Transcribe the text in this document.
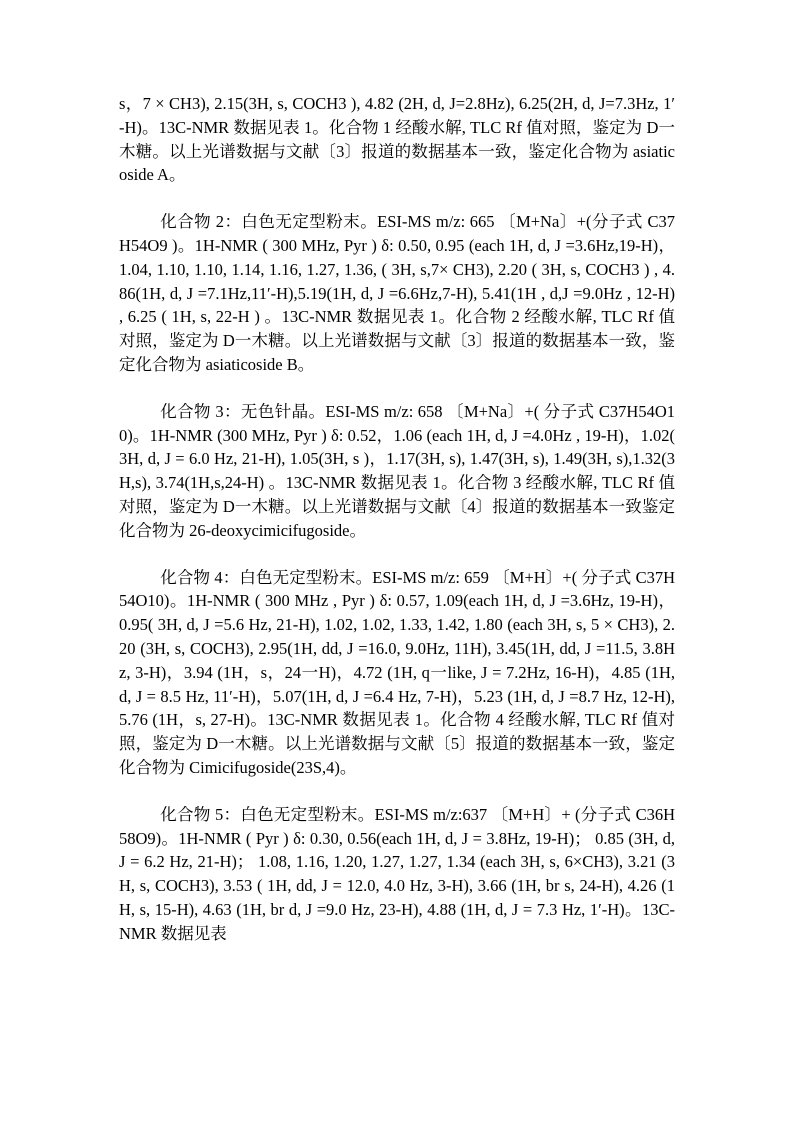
s，7 × CH3), 2.15(3H, s, COCH3 ), 4.82 (2H, d, J=2.8Hz), 6.25(2H, d, J=7.3Hz, 1′-H)。13C-NMR 数据见表 1。化合物 1 经酸水解, TLC Rf 值对照，鉴定为 D一木糖。以上光谱数据与文献〔3〕报道的数据基本一致，鉴定化合物为 asiaticoside A。

化合物 2：白色无定型粉末。ESI-MS m/z: 665 〔M+Na〕+(分子式 C37H54O9 )。1H-NMR ( 300 MHz, Pyr ) δ: 0.50, 0.95 (each 1H, d, J =3.6Hz,19-H)， 1.04, 1.10, 1.10, 1.14, 1.16, 1.27, 1.36, ( 3H, s,7× CH3), 2.20 ( 3H, s, COCH3 ) , 4.86(1H, d, J =7.1Hz,11′-H),5.19(1H, d, J =6.6Hz,7-H), 5.41(1H , d,J =9.0Hz , 12-H) , 6.25 ( 1H, s, 22-H ) 。13C-NMR 数据见表 1。化合物 2 经酸水解, TLC Rf 值对照，鉴定为 D一木糖。以上光谱数据与文献〔3〕报道的数据基本一致，鉴定化合物为 asiaticoside B。

化合物 3：无色针晶。ESI-MS m/z: 658 〔M+Na〕+( 分子式 C37H54O10)。1H-NMR (300 MHz, Pyr ) δ: 0.52，1.06 (each 1H, d, J =4.0Hz , 19-H)，1.02( 3H, d, J = 6.0 Hz, 21-H), 1.05(3H, s )，1.17(3H, s), 1.47(3H, s), 1.49(3H, s),1.32(3H,s), 3.74(1H,s,24-H) 。13C-NMR 数据见表 1。化合物 3 经酸水解, TLC Rf 值对照，鉴定为 D一木糖。以上光谱数据与文献〔4〕报道的数据基本一致鉴定化合物为 26-deoxycimicifugoside。

化合物 4：白色无定型粉末。ESI-MS m/z: 659 〔M+H〕+( 分子式 C37H54O10)。1H-NMR ( 300 MHz , Pyr ) δ: 0.57, 1.09(each 1H, d, J =3.6Hz, 19-H)，0.95( 3H, d, J =5.6 Hz, 21-H), 1.02, 1.02, 1.33, 1.42, 1.80 (each 3H, s, 5 × CH3), 2.20 (3H, s, COCH3), 2.95(1H, dd, J =16.0, 9.0Hz, 11H), 3.45(1H, dd, J =11.5, 3.8Hz, 3-H)，3.94 (1H，s，24一H)，4.72 (1H, q一like, J = 7.2Hz, 16-H)，4.85 (1H, d, J = 8.5 Hz, 11′-H)，5.07(1H, d, J =6.4 Hz, 7-H)，5.23 (1H, d, J =8.7 Hz, 12-H), 5.76 (1H，s, 27-H)。13C-NMR 数据见表 1。化合物 4 经酸水解, TLC Rf 值对照，鉴定为 D一木糖。以上光谱数据与文献〔5〕报道的数据基本一致，鉴定化合物为 Cimicifugoside(23S,4)。

化合物 5：白色无定型粉末。ESI-MS m/z:637 〔M+H〕+ (分子式 C36H58O9)。1H-NMR ( Pyr ) δ: 0.30, 0.56(each 1H, d, J = 3.8Hz, 19-H)； 0.85 (3H, d, J = 6.2 Hz, 21-H)； 1.08, 1.16, 1.20, 1.27, 1.27, 1.34 (each 3H, s, 6×CH3), 3.21 (3H, s, COCH3), 3.53 ( 1H, dd, J = 12.0, 4.0 Hz, 3-H), 3.66 (1H, br s, 24-H), 4.26 (1H, s, 15-H), 4.63 (1H, br d, J =9.0 Hz, 23-H), 4.88 (1H, d, J = 7.3 Hz, 1′-H)。13C-NMR 数据见表
